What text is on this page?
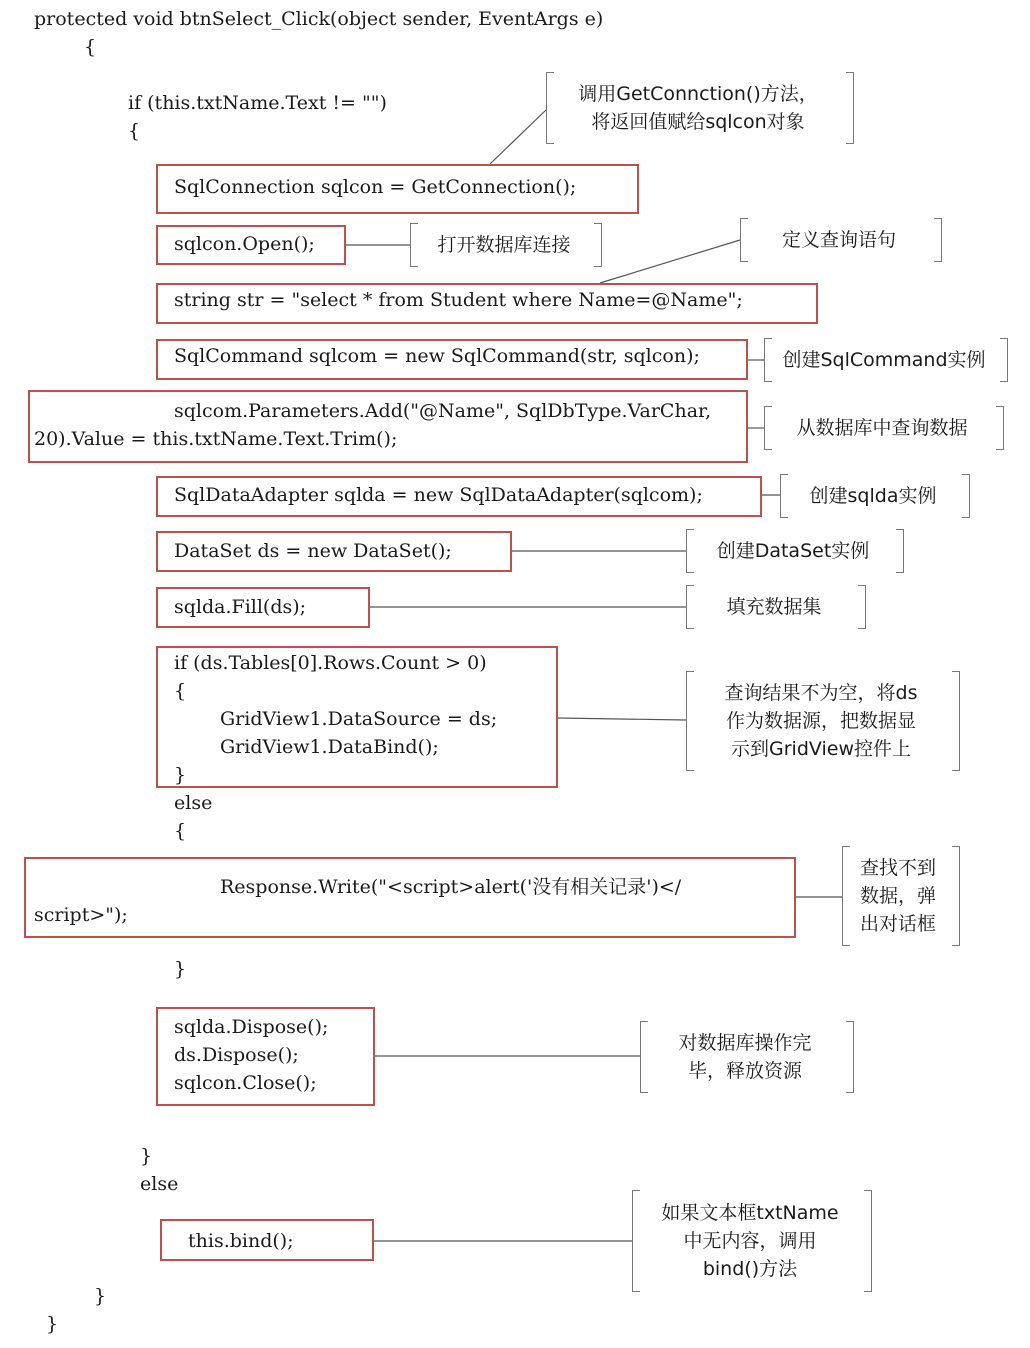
protected void btnSelect_Click(object sender, EventArgs e)
{
if (this.txtName.Text != "")
{
SqlConnection sqlcon = GetConnection();
sqlcon.Open();
string str = "select * from Student where Name=@Name";
SqlCommand sqlcom = new SqlCommand(str, sqlcon);
sqlcom.Parameters.Add("@Name", SqlDbType.VarChar,
20).Value = this.txtName.Text.Trim();
SqlDataAdapter sqlda = new SqlDataAdapter(sqlcom);
DataSet ds = new DataSet();
sqlda.Fill(ds);
if (ds.Tables[0].Rows.Count > 0)
{
GridView1.DataSource = ds;
GridView1.DataBind();
}
else
{
Response.Write("<script>alert('没有相关记录')</
script>");
}
sqlda.Dispose();
ds.Dispose();
sqlcon.Close();
}
else
this.bind();
}
}
调用GetConnction()方法，
将返回值赋给sqlcon对象
打开数据库连接	定义查询语句
创建SqlCommand实例
从数据库中查询数据
创建sqlda实例
创建DataSet实例
填充数据集
查询结果不为空，将ds
作为数据源，把数据显
示到GridView控件上
查找不到
数据，弹
出对话框
对数据库操作完
毕，释放资源
如果文本框txtName
中无内容，调用
bind()方法
